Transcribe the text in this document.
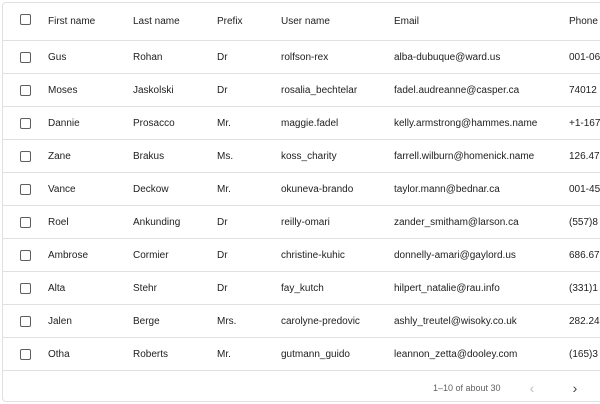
First name	Last name	Prefix	User name	Email	Phone
Gus	Rohan	Dr	rolfson-rex	alba-dubuque@ward.us	001-06
Moses	Jaskolski	Dr	rosalia_bechtelar	fadel.audreanne@casper.ca	74012
Dannie	Prosacco	Mr.	maggie.fadel	kelly.armstrong@hammes.name	+1-167
Zane	Brakus	Ms.	koss_charity	farrell.wilburn@homenick.name	126.47
Vance	Deckow	Mr.	okuneva-brando	taylor.mann@bednar.ca	001-45
Roel	Ankunding	Dr	reilly-omari	zander_smitham@larson.ca	(557)8
Ambrose	Cormier	Dr	christine-kuhic	donnelly-amari@gaylord.us	686.67
Alta	Stehr	Dr	fay_kutch	hilpert_natalie@rau.info	(331)1
Jalen	Berge	Mrs.	carolyne-predovic	ashly_treutel@wisoky.co.uk	282.24
Otha	Roberts	Mr.	gutmann_guido	leannon_zetta@dooley.com	(165)3
1–10 of about 30	‹	›
